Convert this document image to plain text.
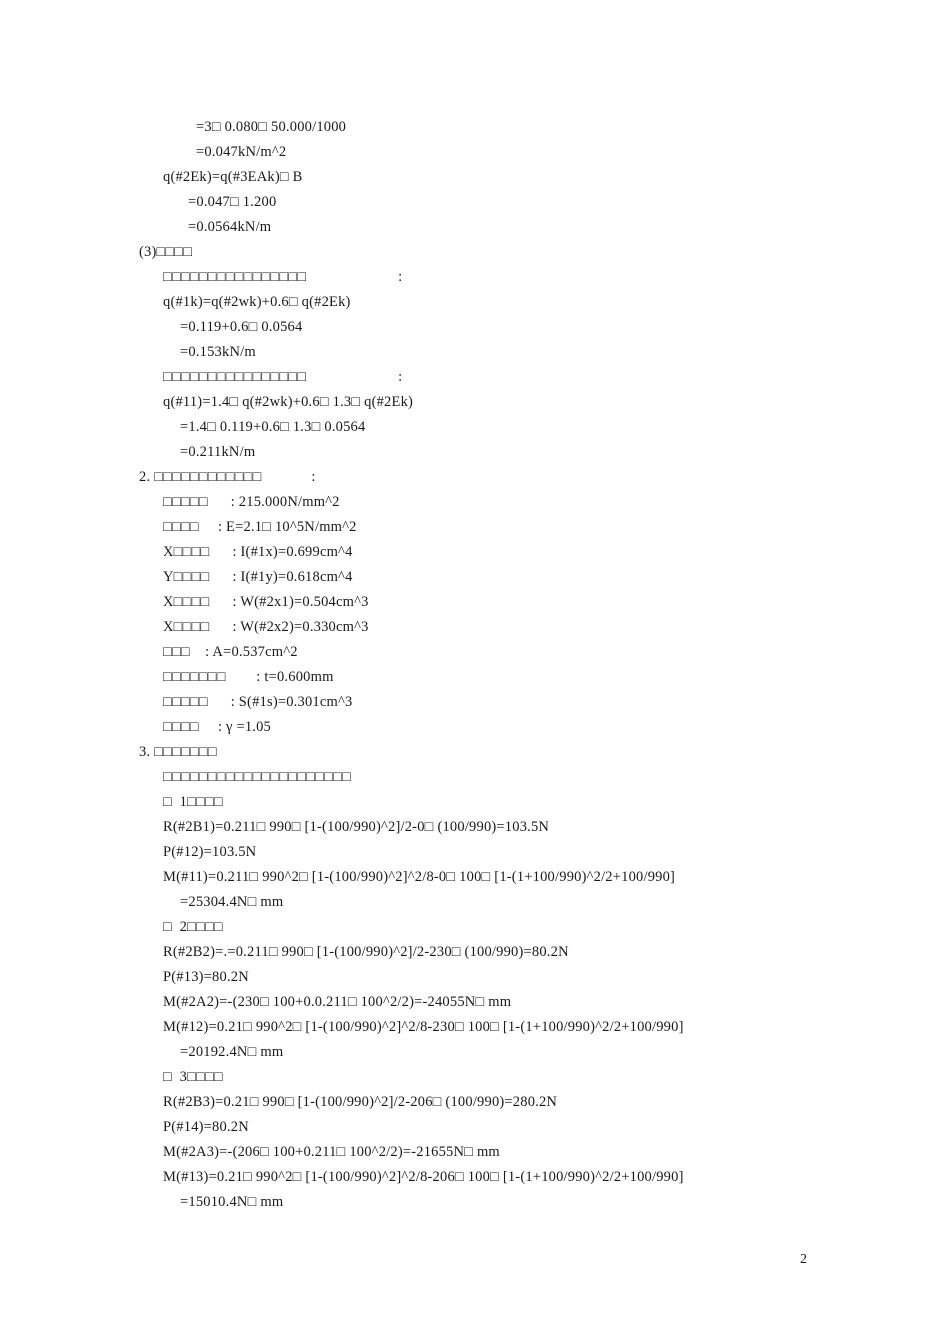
=3□ 0.080□ 50.000/1000
=0.047kN/m^2
q(#2Ek)=q(#3EAk)□ B
=0.047□ 1.200
=0.0564kN/m
(3)□□□□
□□□□□□□□□□□□□□□□                        :
q(#1k)=q(#2wk)+0.6□ q(#2Ek)
=0.119+0.6□ 0.0564
=0.153kN/m
□□□□□□□□□□□□□□□□                        :
q(#11)=1.4□ q(#2wk)+0.6□ 1.3□ q(#2Ek)
=1.4□ 0.119+0.6□ 1.3□ 0.0564
=0.211kN/m
2. □□□□□□□□□□□□             :
□□□□□      : 215.000N/mm^2
□□□□     : E=2.1□ 10^5N/mm^2
X□□□□      : I(#1x)=0.699cm^4
Y□□□□      : I(#1y)=0.618cm^4
X□□□□      : W(#2x1)=0.504cm^3
X□□□□      : W(#2x2)=0.330cm^3
□□□    : A=0.537cm^2
□□□□□□□        : t=0.600mm
□□□□□      : S(#1s)=0.301cm^3
□□□□     : γ =1.05
3. □□□□□□□
□□□□□□□□□□□□□□□□□□□□□
□  1□□□□
R(#2B1)=0.211□ 990□ [1-(100/990)^2]/2-0□ (100/990)=103.5N
P(#12)=103.5N
M(#11)=0.211□ 990^2□ [1-(100/990)^2]^2/8-0□ 100□ [1-(1+100/990)^2/2+100/990]
=25304.4N□ mm
□  2□□□□
R(#2B2)=.=0.211□ 990□ [1-(100/990)^2]/2-230□ (100/990)=80.2N
P(#13)=80.2N
M(#2A2)=-(230□ 100+0.0.211□ 100^2/2)=-24055N□ mm
M(#12)=0.21□ 990^2□ [1-(100/990)^2]^2/8-230□ 100□ [1-(1+100/990)^2/2+100/990]
=20192.4N□ mm
□  3□□□□
R(#2B3)=0.21□ 990□ [1-(100/990)^2]/2-206□ (100/990)=280.2N
P(#14)=80.2N
M(#2A3)=-(206□ 100+0.211□ 100^2/2)=-21655N□ mm
M(#13)=0.21□ 990^2□ [1-(100/990)^2]^2/8-206□ 100□ [1-(1+100/990)^2/2+100/990]
=15010.4N□ mm
2
